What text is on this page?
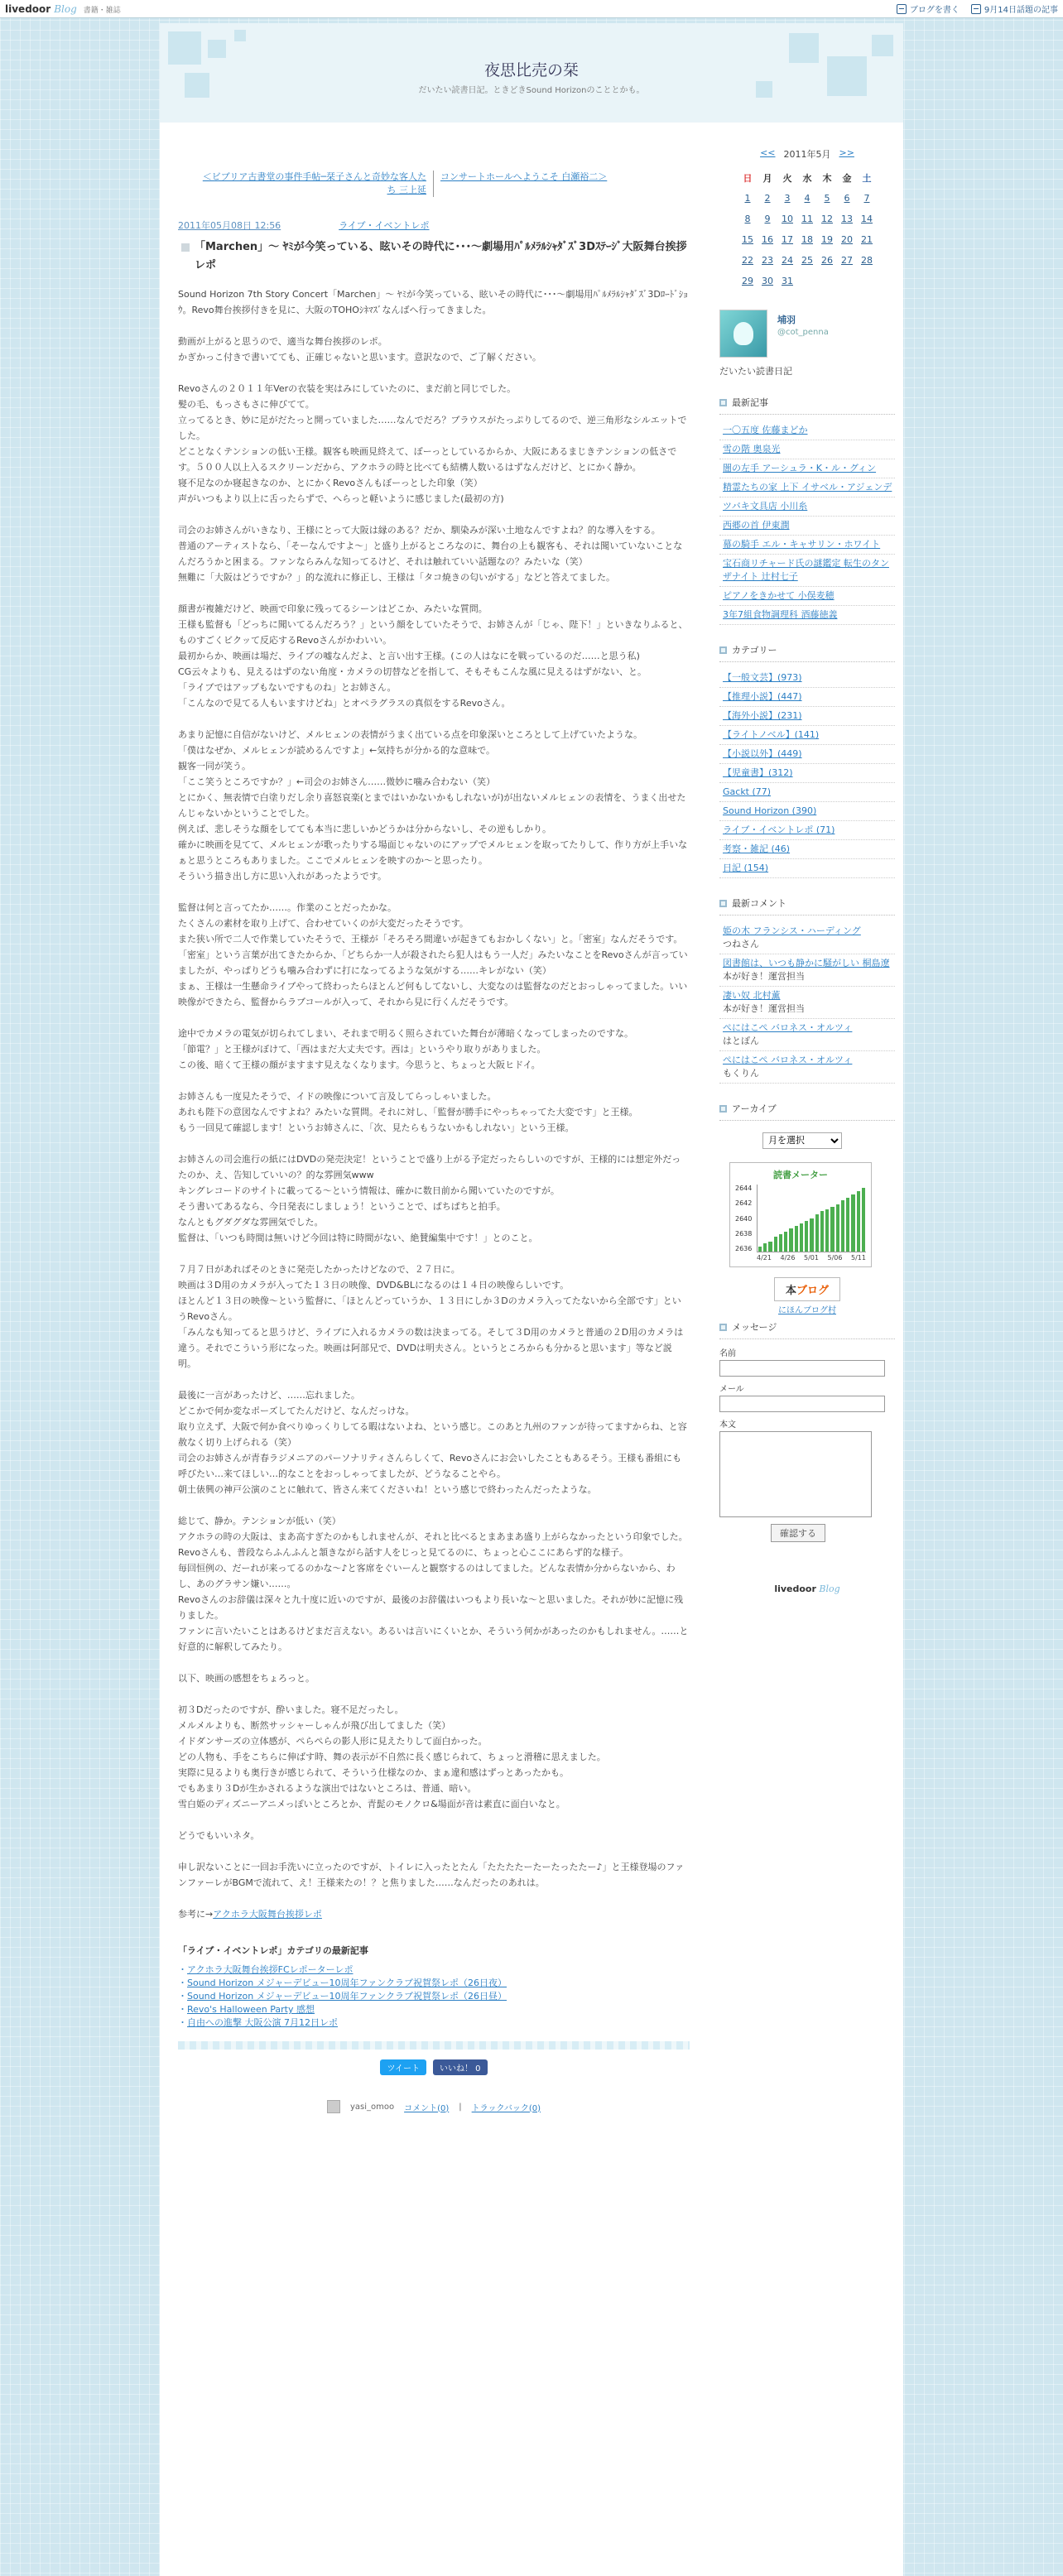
livedoor Blog 書籍・雑誌	ブログを書く	9月14日話題の記事
夜思比売の栞
だいたい読書日記。ときどきSound Horizonのこととかも。
＜ビブリア古書堂の事件手帖─栞子さんと奇妙な客人たち 三上延
コンサートホールへようこそ 白瀬裕二＞
2011年05月08日 12:56	ライブ・イベントレポ
「Marchen」～ ﾔﾐが今笑っている、眩いその時代に･･･～劇場用ﾊﾟﾙﾒﾗﾙｼｬﾀﾞｽﾞ3Dｽﾃｰｼﾞ大阪舞台挨拶レポ

Sound Horizon 7th Story Concert「Marchen」～ ﾔﾐが今笑っている、眩いその時代に･･･～劇場用ﾊﾟﾙﾒﾗﾙｼｬﾀﾞｽﾞ3Dﾛｰﾄﾞｼｮｳ。Revo舞台挨拶付きを見に、大阪のTOHOｼﾈﾏｽﾞなんばへ行ってきました。

動画が上がると思うので、適当な舞台挨拶のレポ。
かぎかっこ付きで書いてても、正確じゃないと思います。意訳なので、ご了解ください。

Revoさんの２０１１年Verの衣装を実はみにしていたのに、まだ前と同じでした。
髪の毛、もっさもさに伸びてて。
立ってるとき、妙に足がだたっと開っていました……なんでだろ？ブラウスがたっぷりしてるので、逆三角形なシルエットでした。
どことなくテンションの低い王様。観客も映画見終えて、ぼーっとしているからか、大阪にあるまじきテンションの低さです。５００人以上入るスクリーンだから、アクホラの時と比べても結構人数いるはずなんだけど、とにかく静か。
寝不足なのか寝起きなのか、とにかくRevoさんもぼーっとした印象（笑）
声がいつもより以上に舌ったらずで、へらっと軽いように感じました(最初の方)

司会のお姉さんがいきなり、王様にとって大阪は縁のある？だか、馴染みが深い土地なんですよね？的な導入をする。
普通のアーティストなら、「そーなんですよ～」と盛り上がるところなのに、舞台の上も観客も、それは聞いていないことなんだろうかと困まる。ファンならみんな知ってるけど、それは触れていい話題なの？みたいな（笑）
無難に「大阪はどうですか？」的な流れに修正し、王様は「タコ焼きの匂いがする」などと答えてました。

顔書が複雑だけど、映画で印象に残ってるシーンはどこか、みたいな質問。
王様も監督も「どっちに聞いてるんだろう？」という顔をしていたそうで、お姉さんが「じゃ、陛下！」といきなりふると、ものすごくビクッて反応するRevoさんがかわいい。
最初からか、映画は場だ、ライブの嘘なんだよ、と言い出す王様。(この人はなにを戦っているのだ……と思う私)
CG云々よりも、見えるはずのない角度・カメラの切替などを指して、そもそもこんな風に見えるはずがない、と。
「ライブではアップもないですものね」とお姉さん。
「こんなので見てる人もいますけどね」とオペラグラスの真似をするRevoさん。

あまり記憶に自信がないけど、メルヒェンの表情がうまく出ている点を印象深いところとして上げていたような。
「僕はなぜか、メルヒェンが読めるんですよ」←気持ちが分かる的な意味で。
観客一同が笑う。
「ここ笑うところですか？」←司会のお姉さん……微妙に噛み合わない（笑）
とにかく、無表情で白塗りだし余り喜怒哀楽(とまではいかないかもしれないが)が出ないメルヒェンの表情を、うまく出せたんじゃないかということでした。
例えば、悲しそうな顔をしてても本当に悲しいかどうかは分からないし、その逆もしかり。
確かに映画を見てて、メルヒェンが歌ったりする場面じゃないのにアップでメルヒェンを取ってたりして、作り方が上手いなぁと思うところもありました。ここでメルヒェンを映すのか～と思ったり。
そういう描き出し方に思い入れがあったようです。

監督は何と言ってたか……。作業のことだったかな。
たくさんの素材を取り上げて、合わせていくのが大変だったそうです。
また狭い所で二人で作業していたそうで、王様が「そろそろ間違いが起きてもおかしくない」と。「密室」なんだそうです。
「密室」という言葉が出てきたからか、「どちらか一人が殺されたら犯人はもう一人だ」みたいなことをRevoさんが言っていましたが、やっぱりどうも噛み合わずに打になってるような気がする……キレがない（笑）
まぁ、王様は一生懸命ライブやって終わったらほとんど何もしてないし、大変なのは監督なのだとおっしゃってました。いい映像ができたら、監督からラブコールが入って、それから見に行くんだそうです。

途中でカメラの電気が切られてしまい、それまで明るく照らされていた舞台が薄暗くなってしまったのですな。
「節電？」と王様がぼけて、「西はまだ大丈夫です。西は」というやり取りがありました。
この後、暗くて王様の顔がますます見えなくなります。今思うと、ちょっと大阪ヒドイ。

お姉さんも一度見たそうで、イドの映像について言及してらっしゃいました。
あれも陛下の意図なんですよね？みたいな質問。それに対し、「監督が勝手にやっちゃってた大変です」と王様。
もう一回見て確認します！というお姉さんに、「次、見たらもうないかもしれない」という王様。

お姉さんの司会進行の紙にはDVDの発売決定！ということで盛り上がる予定だったらしいのですが、王様的には想定外だったのか、え、告知していいの？的な雰囲気www
キングレコードのサイトに載ってる～という情報は、確かに数日前から聞いていたのですが。
そう書いてあるなら、今日発表にしましょう！ということで、ぱちぱちと拍手。
なんともグダグダな雰囲気でした。
監督は、「いつも時間は無いけど今回は特に時間がない、絶賛編集中です！」とのこと。

７月７日があればそのときに発売したかったけどなので、２７日に。
映画は３D用のカメラが入ってた１３日の映像、DVD&BLになるのは１４日の映像らしいです。
ほとんど１３日の映像～という監督に、「ほとんどっていうか、１３日にしか３Dのカメラ入ってたないから全部です」というRevoさん。
「みんなも知ってると思うけど、ライブに入れるカメラの数は決まってる。そして３D用のカメラと普通の２D用のカメラは違う。それでこういう形になった。映画は阿部兄で、DVDは明夫さん。というところからも分かると思います」等など説明。

最後に一言があったけど、……忘れました。
どこかで何か変なポーズしてたんだけど、なんだっけな。
取り立えず、大阪で何か食べりゆっくりしてる暇はないよね、という感じ。このあと九州のファンが待ってますからね、と容赦なく切り上げられる（笑）
司会のお姉さんが青春ラジメニアのパーソナリティさんらしくて、Revoさんにお会いしたこともあるそう。王様も番組にも呼びたい…来てほしい…的なことをおっしゃってましたが、どうなることやら。
朝土俵興の神戸公演のことに触れて、皆さん来てくださいね！という感じで終わったんだったような。

総じて、静か。テンションが低い（笑）
アクホラの時の大阪は、まあ高すぎたのかもしれませんが、それと比べるとまあまあ盛り上がらなかったという印象でした。
Revoさんも、普段ならふんふんと頷きながら話す人をじっと見てるのに、ちょっと心ここにあらず的な様子。
毎回恒例の、だーれが来ってるのかな～♪と客席をぐいーんと観察するのはしてました。どんな表情か分からないから、わし、あのグラサン嫌い……。
Revoさんのお辞儀は深々と九十度に近いのですが、最後のお辞儀はいつもより長いな～と思いました。それが妙に記憶に残りました。
ファンに言いたいことはあるけどまだ言えない。あるいは言いにくいとか、そういう何かがあったのかもしれません。……と好意的に解釈してみたり。

以下、映画の感想をちょろっと。

初３Dだったのですが、酔いました。寝不足だったし。
メルメルよりも、断然サッシャーしゃんが飛び出してました（笑）
イドダンサーズの立体感が、ぺらぺらの影人形に見えたりして面白かった。
どの人物も、手をこちらに伸ばす時、舞の表示が不自然に長く感じられて、ちょっと滑稽に思えました。
実際に見るよりも奥行きが感じられて、そういう仕様なのか、まぁ違和感はずっとあったかも。
でもあまり３Dが生かされるような演出ではないところは、普通、暗い。
雪白姫のディズニーアニメっぽいところとか、青髭のモノクロ&場面が音は素直に面白いなと。

どうでもいいネタ。

申し訳ないことに一回お手洗いに立ったのですが、トイレに入ったとたん「たたたたーたーたったたー♪」と王様登場のファンファーレがBGMで流れて、え！王様来たの！？と焦りました……なんだったのあれは。

参考に→アクホラ大阪舞台挨拶レポ

「ライブ・イベントレポ」カテゴリの最新記事
・ アクホラ大阪舞台挨拶FCレポーターレポ
・ Sound Horizon メジャーデビュー10周年ファンクラブ祝賀祭レポ（26日夜）
・ Sound Horizon メジャーデビュー10周年ファンクラブ祝賀祭レポ（26日昼）
・ Revo's Halloween Party 感想
・ 自由への進撃 大阪公演 7月12日レポ
ツイート	いいね！ 0
yasi_omoo コメント(0) | トラックバック(0)
<< 2011年5月 >>
日	月	火	水	木	金	土
1	2	3	4	5	6	7
8	9	10	11	12	13	14
15	16	17	18	19	20	21
22	23	24	25	26	27	28
29	30	31				
埔羽
@cot_penna
だいたい読書日記
最新記事
一〇五度 佐藤まどか
雪の階 奥泉光
闇の左手 アーシュラ・K・ル・グィン
精霊たちの家 上下 イサベル・アジェンデ
ツバキ文具店 小川糸
西郷の首 伊東潤
幕の騎手 エル・キャサリン・ホワイト
宝石商リチャード氏の謎鑑定 転生のタンザナイト 辻村七子
ピアノをきかせて 小俣麦穂
3年7組食物調理科 酒藤徳義
カテゴリー
【一般文芸】(973)
【推理小説】(447)
【海外小説】(231)
【ライトノベル】(141)
【小説以外】(449)
【児童書】(312)
Gackt (77)
Sound Horizon (390)
ライブ・イベントレポ (71)
考察・雑記 (46)
日記 (154)
最新コメント
姫の木 フランシス・ハーディング
つねさん
図書館は、いつも静かに騒がしい 桐島遼
本が好き！運営担当
凄い奴 北村薫
本が好き！運営担当
ぺにはこぺ バロネス・オルツィ
はとぽん
ぺにはこぺ バロネス・オルツィ
もくりん
アーカイブ
月を選択
読書メーター
2644
2642
2640
2638
2636
4/21 4/26 5/01 5/06 5/11
本ブログ
にほんブログ村
メッセージ
名前
メール
本文
確認する
livedoor Blog
